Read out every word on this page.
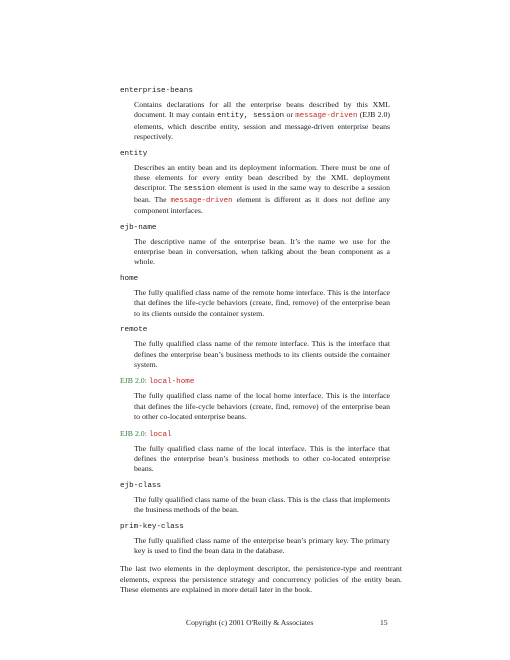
enterprise-beans

Contains declarations for all the enterprise beans described by this XML document. It may contain entity, session or message-driven (EJB 2.0) elements, which describe entity, session and message-driven enterprise beans respectively.

entity

Describes an entity bean and its deployment information. There must be one of these elements for every entity bean described by the XML deployment descriptor. The session element is used in the same way to describe a session bean. The message-driven element is different as it does not define any component interfaces.

ejb-name

The descriptive name of the enterprise bean. It’s the name we use for the enterprise bean in conversation, when talking about the bean component as a whole.

home

The fully qualified class name of the remote home interface. This is the interface that defines the life-cycle behaviors (create, find, remove) of the enterprise bean to its clients outside the container system.

remote

The fully qualified class name of the remote interface. This is the interface that defines the enterprise bean’s business methods to its clients outside the container system.

EJB 2.0: local-home

The fully qualified class name of the local home interface. This is the interface that defines the life-cycle behaviors (create, find, remove) of the enterprise bean to other co-located enterprise beans.

EJB 2.0: local

The fully qualified class name of the local interface. This is the interface that defines the enterprise bean’s business methods to other co-located enterprise beans.

ejb-class

The fully qualified class name of the bean class. This is the class that implements the business methods of the bean.

prim-key-class

The fully qualified class name of the enterprise bean’s primary key. The primary key is used to find the bean data in the database.

The last two elements in the deployment descriptor, the persistence-type and reentrant elements, express the persistence strategy and concurrency policies of the entity bean. These elements are explained in more detail later in the book.

Copyright (c) 2001 O'Reilly & Associates	15
